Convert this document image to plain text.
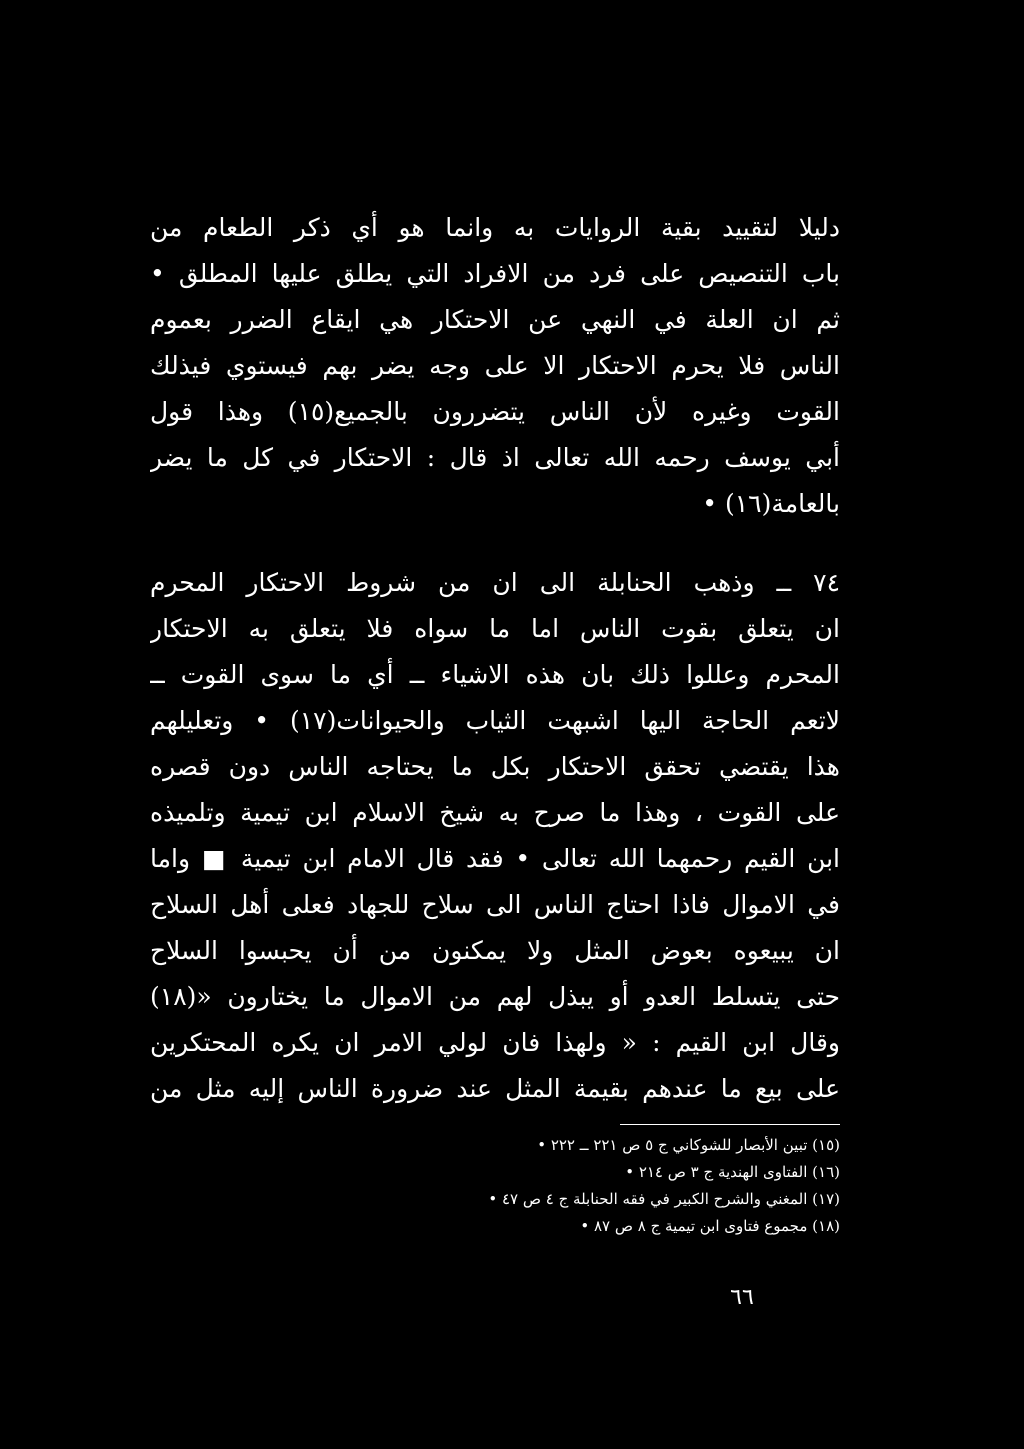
دليلا لتقييد بقية الروايات به وانما هو أي ذكر الطعام من
باب التنصيص على فرد من الافراد التي يطلق عليها المطلق •
ثم ان العلة في النهي عن الاحتكار هي ايقاع الضرر بعموم
الناس فلا يحرم الاحتكار الا على وجه يضر بهم فيستوي فيذلك
القوت وغيره لأن الناس يتضررون بالجميع(١٥) وهذا قول
أبي يوسف رحمه الله تعالى اذ قال : الاحتكار في كل ما يضر
بالعامة(١٦) •
٧٤ ــ وذهب الحنابلة الى ان من شروط الاحتكار المحرم
ان يتعلق بقوت الناس اما ما سواه فلا يتعلق به الاحتكار
المحرم وعللوا ذلك بان هذه الاشياء ــ أي ما سوى القوت ــ
لاتعم الحاجة اليها اشبهت الثياب والحيوانات(١٧) • وتعليلهم
هذا يقتضي تحقق الاحتكار بكل ما يحتاجه الناس دون قصره
على القوت ، وهذا ما صرح به شيخ الاسلام ابن تيمية وتلميذه
ابن القيم رحمهما الله تعالى • فقد قال الامام ابن تيمية ■ واما
في الاموال فاذا احتاج الناس الى سلاح للجهاد فعلى أهل السلاح
ان يبيعوه بعوض المثل ولا يمكنون من أن يحبسوا السلاح
حتى يتسلط العدو أو يبذل لهم من الاموال ما يختارون «(١٨)
وقال ابن القيم : « ولهذا فان لولي الامر ان يكره المحتكرين
على بيع ما عندهم بقيمة المثل عند ضرورة الناس إليه مثل من
(١٥) تبين الأبصار للشوكاني ج ٥ ص ٢٢١ ــ ٢٢٢ •
(١٦) الفتاوى الهندية ج ٣ ص ٢١٤ •
(١٧) المغني والشرح الكبير في فقه الحنابلة ج ٤ ص ٤٧ •
(١٨) مجموع فتاوى ابن تيمية ج ٨ ص ٨٧ •
٦٦
